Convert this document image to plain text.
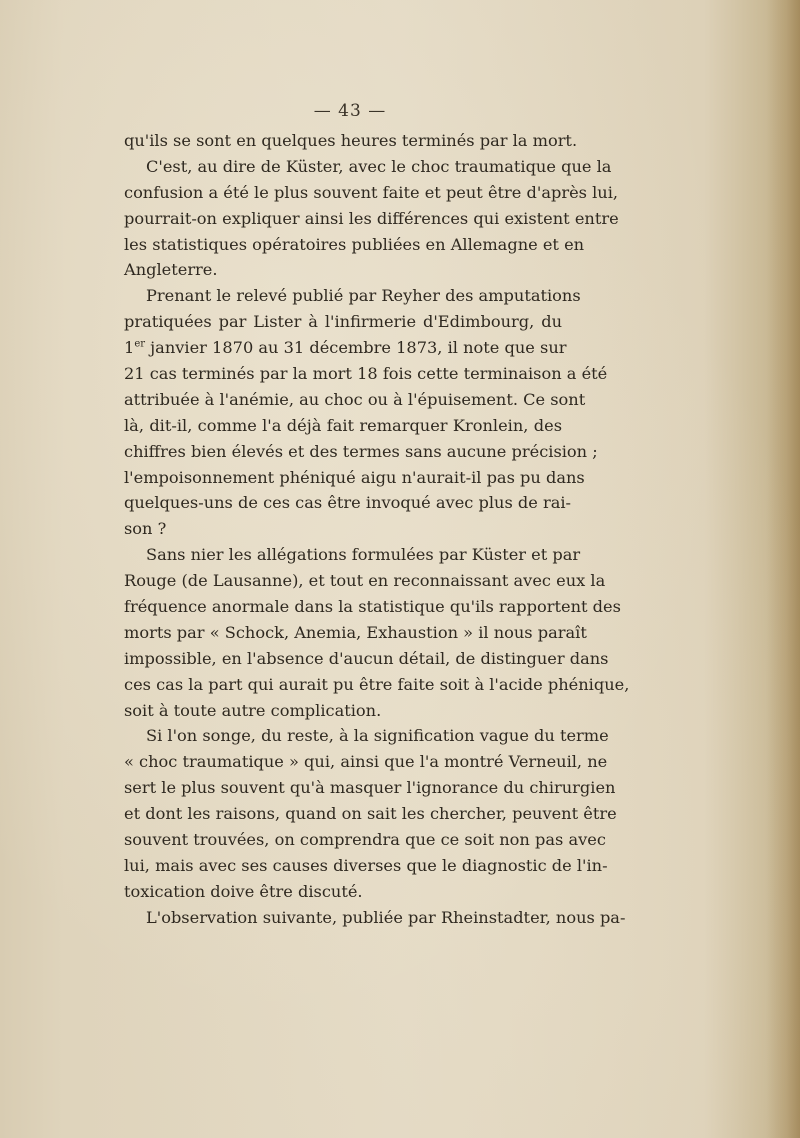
— 43 —
qu'ils se sont en quelques heures terminés par la mort.
C'est, au dire de Küster, avec le choc traumatique que la
confusion a été le plus souvent faite et peut être d'après lui,
pourrait-on expliquer ainsi les différences qui existent entre
les statistiques opératoires publiées en Allemagne et en
Angleterre.
Prenant le relevé publié par Reyher des amputations
pratiquées par Lister à l'infirmerie d'Edimbourg, du
1er janvier 1870 au 31 décembre 1873, il note que sur
21 cas terminés par la mort 18 fois cette terminaison a été
attribuée à l'anémie, au choc ou à l'épuisement. Ce sont
là, dit-il, comme l'a déjà fait remarquer Kronlein, des
chiffres bien élevés et des termes sans aucune précision ;
l'empoisonnement phéniqué aigu n'aurait-il pas pu dans
quelques-uns de ces cas être invoqué avec plus de rai-
son ?
Sans nier les allégations formulées par Küster et par
Rouge (de Lausanne), et tout en reconnaissant avec eux la
fréquence anormale dans la statistique qu'ils rapportent des
morts par « Schock, Anemia, Exhaustion » il nous paraît
impossible, en l'absence d'aucun détail, de distinguer dans
ces cas la part qui aurait pu être faite soit à l'acide phénique,
soit à toute autre complication.
Si l'on songe, du reste, à la signification vague du terme
« choc traumatique » qui, ainsi que l'a montré Verneuil, ne
sert le plus souvent qu'à masquer l'ignorance du chirurgien
et dont les raisons, quand on sait les chercher, peuvent être
souvent trouvées, on comprendra que ce soit non pas avec
lui, mais avec ses causes diverses que le diagnostic de l'in-
toxication doive être discuté.
L'observation suivante, publiée par Rheinstadter, nous pa-
